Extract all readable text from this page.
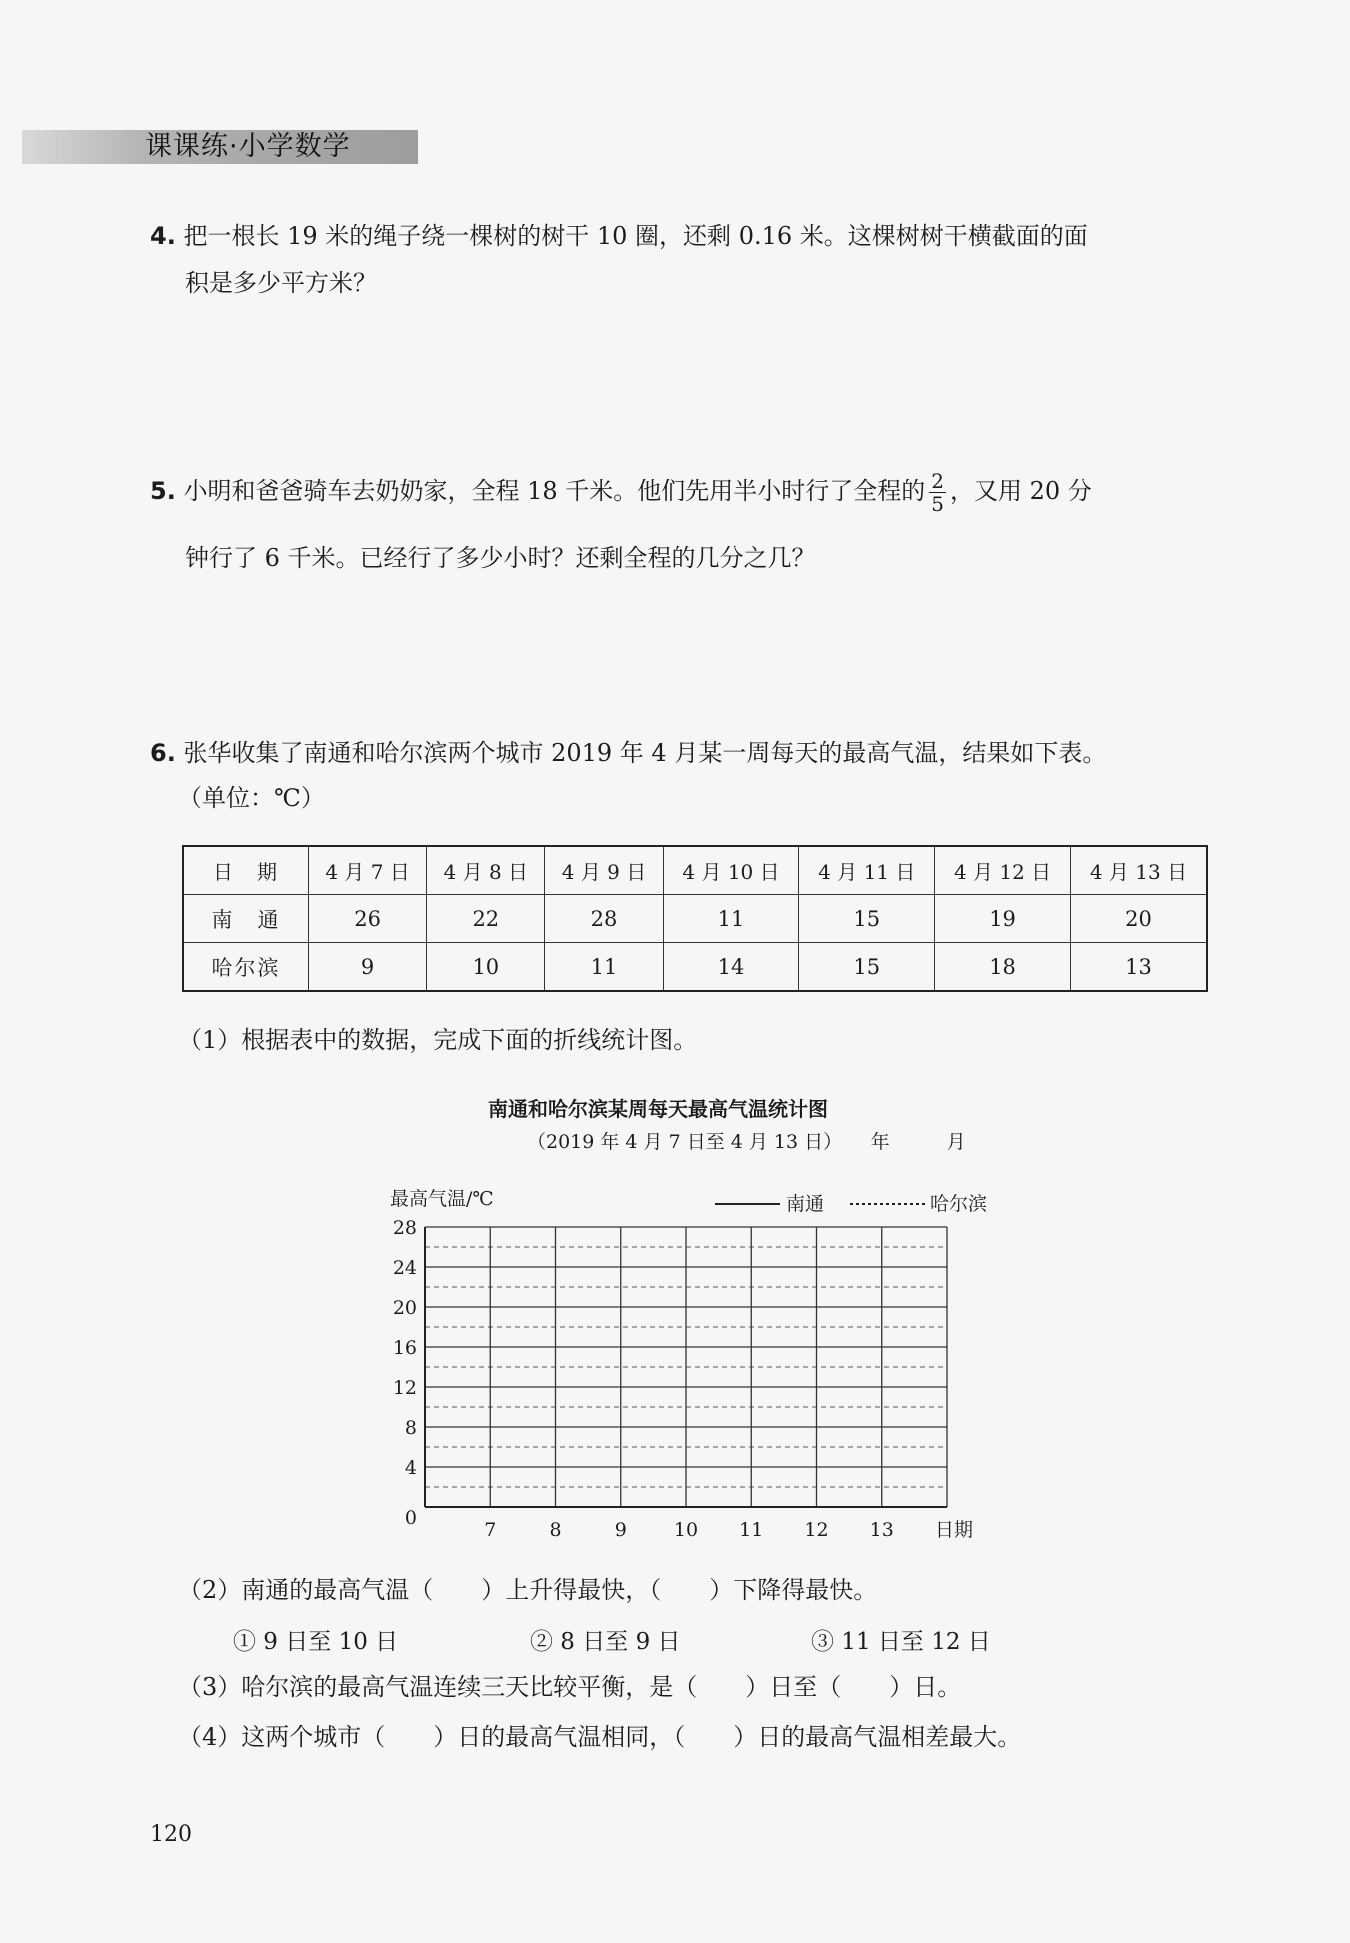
课课练·小学数学
4. 把一根长 19 米的绳子绕一棵树的树干 10 圈，还剩 0.16 米。这棵树树干横截面的面
积是多少平方米？
5. 小明和爸爸骑车去奶奶家，全程 18 千米。他们先用半小时行了全程的 $\frac{2}{5}$ ，又用 20 分
钟行了 6 千米。已经行了多少小时？还剩全程的几分之几？
6. 张华收集了南通和哈尔滨两个城市 2019 年 4 月某一周每天的最高气温，结果如下表。
（单位：℃）
日　期	4 月 7 日	4 月 8 日	4 月 9 日	4 月 10 日	4 月 11 日	4 月 12 日	4 月 13 日
南　通	26	22	28	11	15	19	20
哈尔滨	9	10	11	14	15	18	13
（1）根据表中的数据，完成下面的折线统计图。
南通和哈尔滨某周每天最高气温统计图
（2019 年 4 月 7 日至 4 月 13 日）　　年　　　月
最高气温/℃	南通	哈尔滨
0
4
8
12
16
20
24
28
7	8	9 10 11 12 13 日期
（2）南通的最高气温（　　）上升得最快，（　　）下降得最快。
① 9 日至 10 日	② 8 日至 9 日	③ 11 日至 12 日
（3）哈尔滨的最高气温连续三天比较平衡，是（　　）日至（　　）日。
（4）这两个城市（　　）日的最高气温相同，（　　）日的最高气温相差最大。
120
